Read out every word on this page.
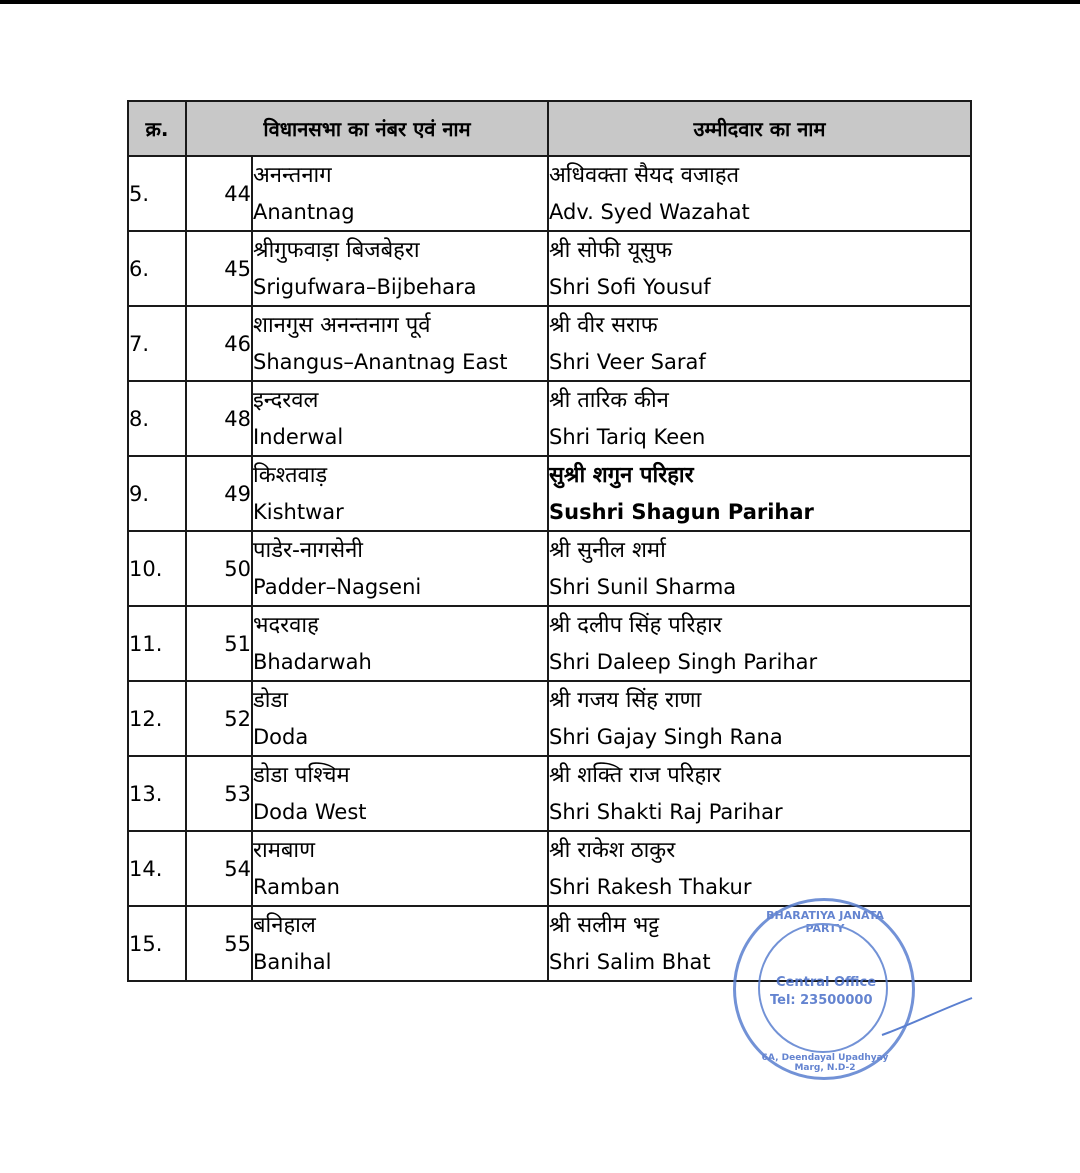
क्र.	विधानसभा का नंबर एवं नाम		उम्मीदवार का नाम
5.	44	अनन्तनाग
Anantnag	अधिवक्ता सैयद वजाहत
Adv. Syed Wazahat

6.	45	श्रीगुफवाड़ा बिजबेहरा
Srigufwara–Bijbehara	श्री सोफी यूसुफ
Shri Sofi Yousuf

7.	46	शानगुस अनन्तनाग पूर्व
Shangus–Anantnag East	श्री वीर सराफ
Shri Veer Saraf

8.	48	इन्दरवल
Inderwal	श्री तारिक कीन
Shri Tariq Keen

9.	49	किश्तवाड़
Kishtwar	सुश्री शगुन परिहार
Sushri Shagun Parihar

10.	50	पाडेर-नागसेनी
Padder–Nagseni	श्री सुनील शर्मा
Shri Sunil Sharma

11.	51	भदरवाह
Bhadarwah	श्री दलीप सिंह परिहार
Shri Daleep Singh Parihar

12.	52	डोडा
Doda	श्री गजय सिंह राणा
Shri Gajay Singh Rana

13.	53	डोडा पश्चिम
Doda West	श्री शक्ति राज परिहार
Shri Shakti Raj Parihar

14.	54	रामबाण
Ramban	श्री राकेश ठाकुर
Shri Rakesh Thakur

15.	55	बनिहाल
Banihal	श्री सलीम भट्ट
Shri Salim Bhat
BHARATIYA JANATA PARTY
Central Office
Tel: 23500000
6A, Deendayal Upadhyay Marg, N.D-2
